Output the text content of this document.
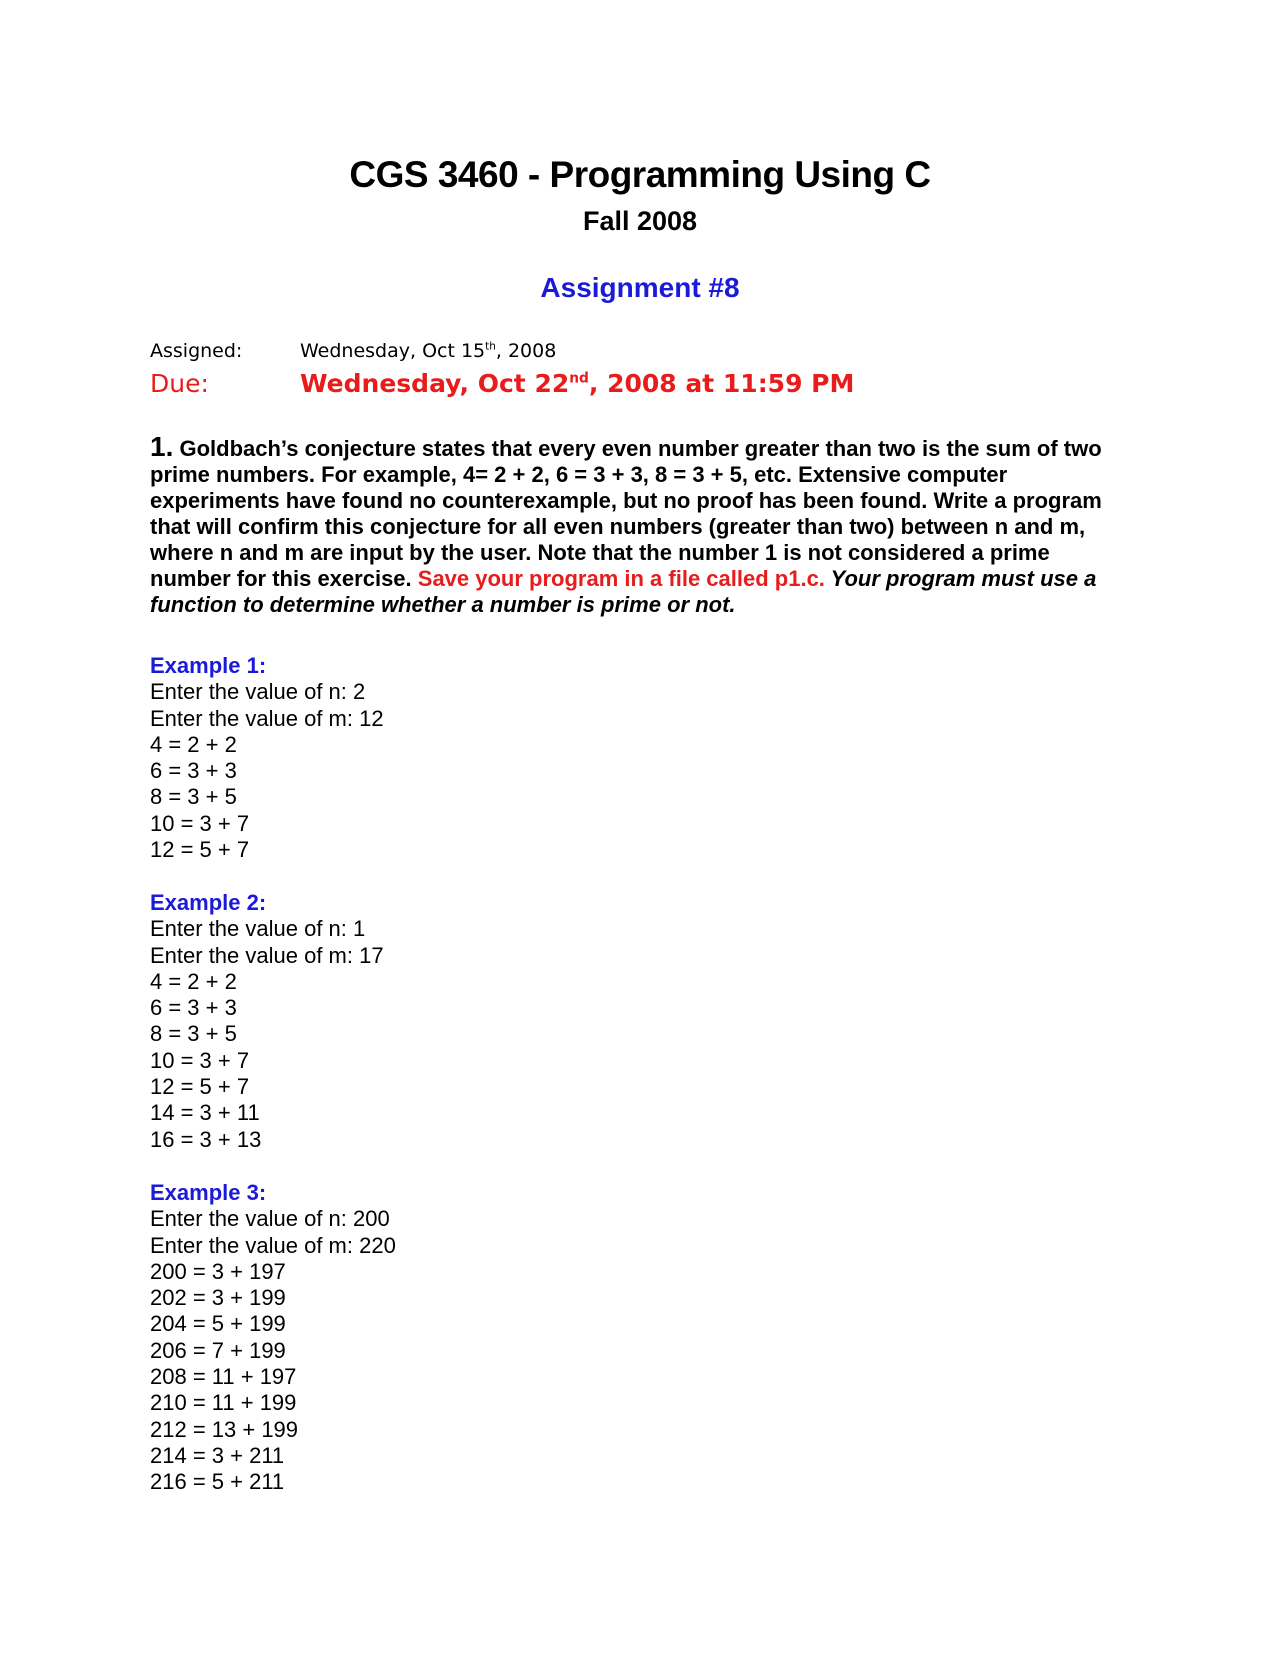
CGS 3460 - Programming Using C
Fall 2008
Assignment #8
Assigned:	Wednesday, Oct 15th, 2008
Due:	Wednesday, Oct 22nd, 2008 at 11:59 PM
1. Goldbach’s conjecture states that every even number greater than two is the sum of two prime numbers. For example, 4= 2 + 2, 6 = 3 + 3, 8 = 3 + 5, etc. Extensive computer experiments have found no counterexample, but no proof has been found. Write a program that will confirm this conjecture for all even numbers (greater than two) between n and m, where n and m are input by the user. Note that the number 1 is not considered a prime number for this exercise. Save your program in a file called p1.c. Your program must use a function to determine whether a number is prime or not.
Example 1:
Enter the value of n: 2
Enter the value of m: 12
4 = 2 + 2
6 = 3 + 3
8 = 3 + 5
10 = 3 + 7
12 = 5 + 7
Example 2:
Enter the value of n: 1
Enter the value of m: 17
4 = 2 + 2
6 = 3 + 3
8 = 3 + 5
10 = 3 + 7
12 = 5 + 7
14 = 3 + 11
16 = 3 + 13
Example 3:
Enter the value of n: 200
Enter the value of m: 220
200 = 3 + 197
202 = 3 + 199
204 = 5 + 199
206 = 7 + 199
208 = 11 + 197
210 = 11 + 199
212 = 13 + 199
214 = 3 + 211
216 = 5 + 211
